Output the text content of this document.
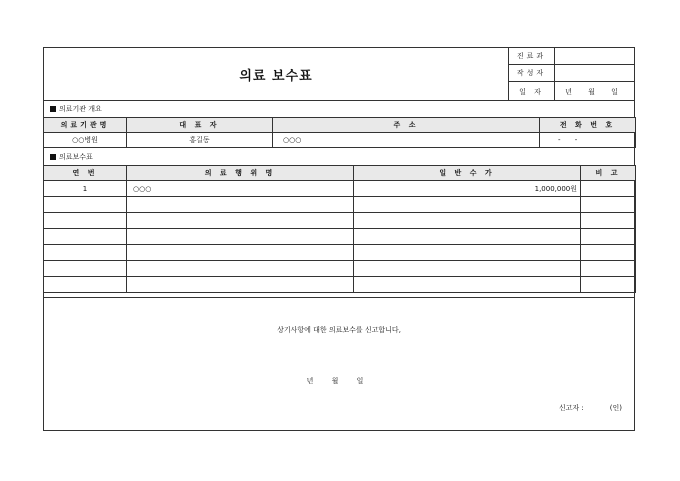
의료 보수표
진료과
작성자
일 자	년 월 일
의료기관 개요
의료기관명	대 표 자	주 소	전 화 번 호
○○병원	홍길동	○○○	- -
의료보수표
연 번	의 료 행 위 명	일 반 수 가	비 고
1	○○○	1,000,000원	

상기사항에 대한 의료보수를 신고합니다,
년 월 일
신고자 :	(인)
